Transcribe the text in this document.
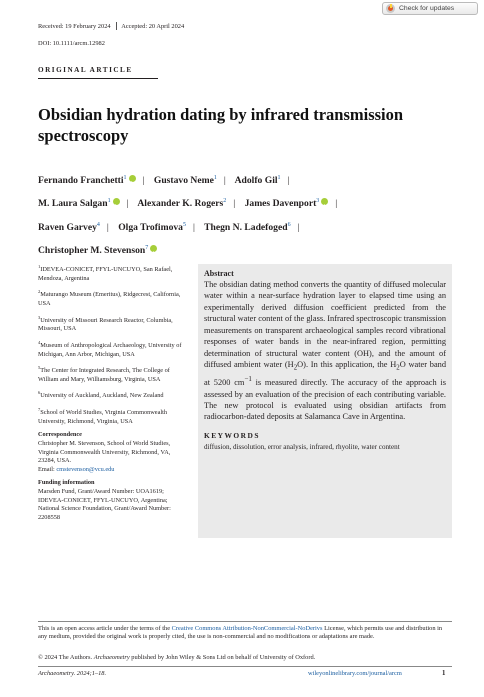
Check for updates
Received: 19 February 2024 Accepted: 20 April 2024
DOI: 10.1111/arcm.12982
ORIGINAL ARTICLE
Obsidian hydration dating by infrared transmission spectroscopy
Fernando Franchetti$^1$ i | Gustavo Neme$^1$ | Adolfo Gil$^1$ |
M. Laura Salgan$^1$ i | Alexander K. Rogers$^2$ | James Davenport$^3$ i |
Raven Garvey$^4$ | Olga Trofimova$^5$ | Thegn N. Ladefoged$^6$ |
Christopher M. Stevenson$^7$i
$^1$IDEVEA-CONICET, FFYL-UNCUYO, San Rafael, Mendoza, Argentina
$^2$Maturango Museum (Emeritus), Ridgecrest, California, USA
$^3$University of Missouri Research Reactor, Columbia, Missouri, USA
$^4$Museum of Anthropological Archaeology, University of Michigan, Ann Arbor, Michigan, USA
$^5$The Center for Integrated Research, The College of William and Mary, Williamsburg, Virginia, USA
$^6$University of Auckland, Auckland, New Zealand
$^7$School of World Studies, Virginia Commonwealth University, Richmond, Virginia, USA
Correspondence
Christopher M. Stevenson, School of World Studies, Virginia Commonwealth University, Richmond, VA, 23284, USA.
Email: cmstevenson@vcu.edu
Funding information
Marsden Fund, Grant/Award Number: UOA1619; IDEVEA-CONICET, FFYL-UNCUYO, Argentina; National Science Foundation, Grant/Award Number: 2208558
Abstract
The obsidian dating method converts the quantity of diffused molecular water within a near-surface hydration layer to elapsed time using an experimentally derived diffusion coefficient predicted from the structural water content of the glass. Infrared spectroscopic transmission measurements on transparent archaeological samples record vibrational responses of water bands in the near-infrared region, permitting determination of structural water content (OH), and the amount of diffused ambient water $(H_2O)$. In this application, the $H_2O$ water band at 5200 $cm^{-1}$ is measured directly. The accuracy of the approach is assessed by an evaluation of the precision of each contributing variable. The new protocol is evaluated using obsidian artifacts from radiocarbon-dated deposits at Salamanca Cave in Argentina.
KEYWORDS
diffusion, dissolution, error analysis, infrared, rhyolite, water content
This is an open access article under the terms of the Creative Commons Attribution-NonCommercial-NoDerivs License, which permits use and distribution in any medium, provided the original work is properly cited, the use is non-commercial and no modifications or adaptations are made.
© 2024 The Authors. Archaeometry published by John Wiley & Sons Ltd on behalf of University of Oxford.
Archaeometry. 2024;1–18.	wileyonlinelibrary.com/journal/arcm	1
